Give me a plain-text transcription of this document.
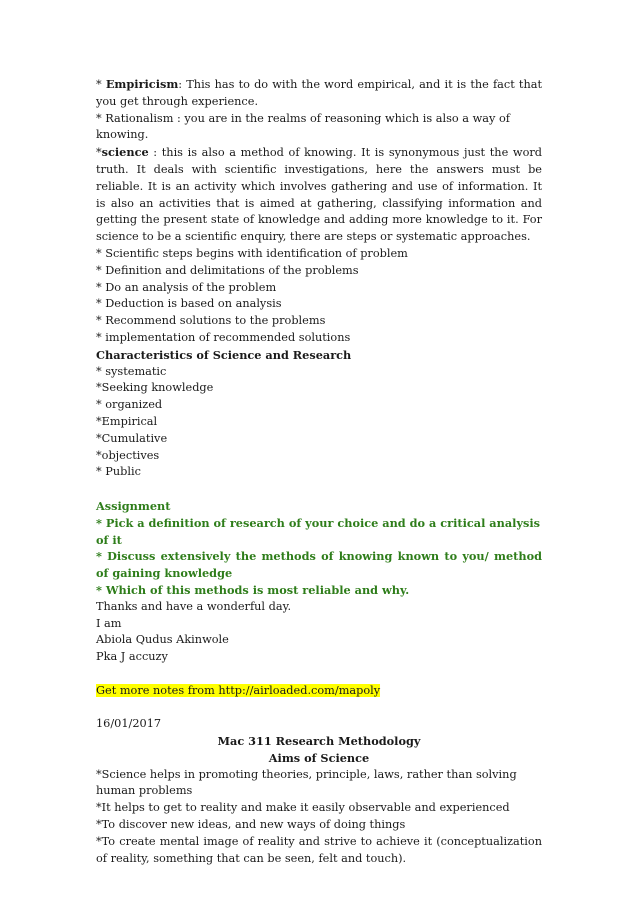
* Empiricism: This has to do with the word empirical, and it is the fact that you get through experience.

* Rationalism : you are in the realms of reasoning which is also a way of knowing.

*science : this is also a method of knowing. It is synonymous just the word truth. It deals with scientific investigations, here the answers must be reliable. It is an activity which involves gathering and use of information. It is also an activities that is aimed at gathering, classifying information and getting the present state of knowledge and adding more knowledge to it. For science to be a scientific enquiry, there are steps or systematic approaches.

* Scientific steps begins with identification of problem

* Definition and delimitations of the problems

* Do an analysis of the problem

* Deduction is based on analysis

* Recommend solutions to the problems

* implementation of recommended solutions

Characteristics of Science and Research

* systematic

*Seeking knowledge

* organized

*Empirical

*Cumulative

*objectives

* Public

Assignment

* Pick a definition of research of your choice and do a critical analysis of it

* Discuss extensively the methods of knowing known to you/ method of gaining knowledge

* Which of this methods is most reliable and why.

Thanks and have a wonderful day.

I am

Abiola Qudus Akinwole

Pka J accuzy

Get more notes from http://airloaded.com/mapoly

16/01/2017

Mac 311 Research Methodology

Aims of Science

*Science helps in promoting theories, principle, laws, rather than solving human problems

*It helps to get to reality and make it easily observable and experienced

*To discover new ideas, and new ways of doing things

*To create mental image of reality and strive to achieve it (conceptualization of reality, something that can be seen, felt and touch).
